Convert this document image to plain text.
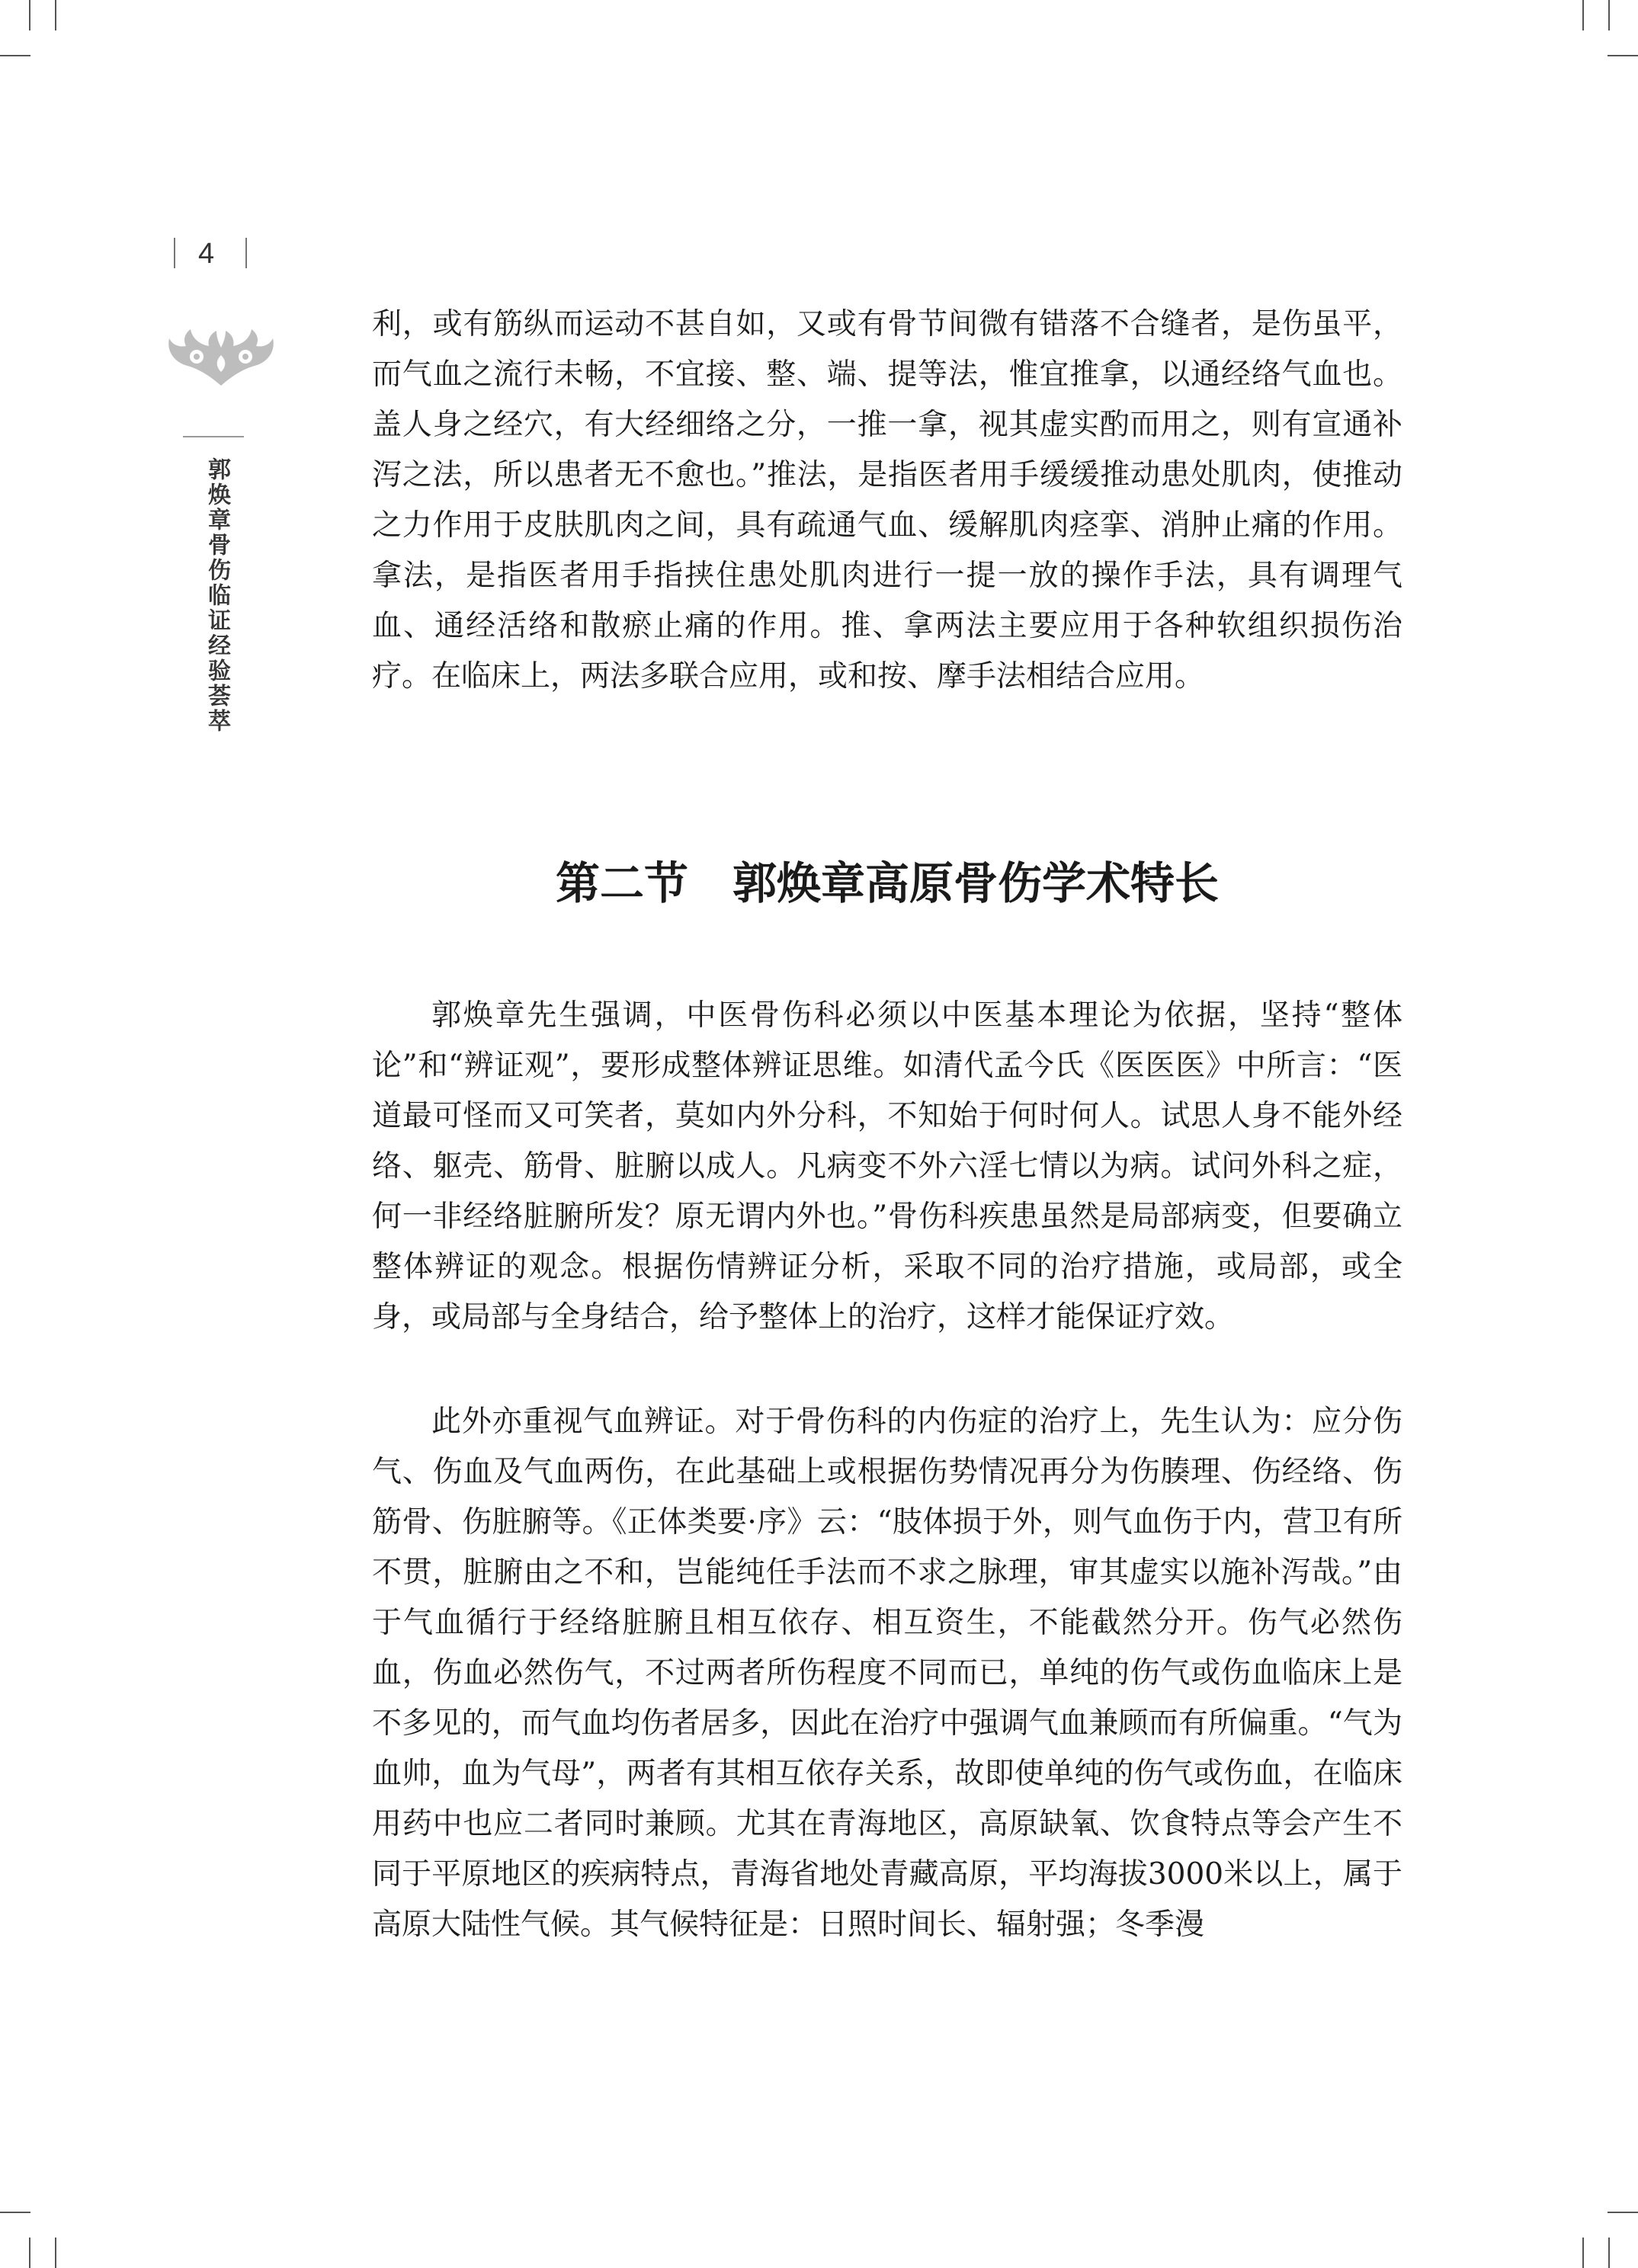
4
郭焕章骨伤临证经验荟萃
利，或有筋纵而运动不甚自如，又或有骨节间微有错落不合缝者，是伤虽平，而气血之流行未畅，不宜接、整、端、提等法，惟宜推拿，以通经络气血也。盖人身之经穴，有大经细络之分，一推一拿，视其虚实酌而用之，则有宣通补泻之法，所以患者无不愈也。”推法，是指医者用手缓缓推动患处肌肉，使推动之力作用于皮肤肌肉之间，具有疏通气血、缓解肌肉痉挛、消肿止痛的作用。拿法，是指医者用手指挟住患处肌肉进行一提一放的操作手法，具有调理气血、通经活络和散瘀止痛的作用。推、拿两法主要应用于各种软组织损伤治疗。在临床上，两法多联合应用，或和按、摩手法相结合应用。
第二节　郭焕章高原骨伤学术特长
郭焕章先生强调，中医骨伤科必须以中医基本理论为依据，坚持“整体论”和“辨证观”，要形成整体辨证思维。如清代孟今氏《医医医》中所言：“医道最可怪而又可笑者，莫如内外分科，不知始于何时何人。试思人身不能外经络、躯壳、筋骨、脏腑以成人。凡病变不外六淫七情以为病。试问外科之症，何一非经络脏腑所发？原无谓内外也。”骨伤科疾患虽然是局部病变，但要确立整体辨证的观念。根据伤情辨证分析，采取不同的治疗措施，或局部，或全身，或局部与全身结合，给予整体上的治疗，这样才能保证疗效。
此外亦重视气血辨证。对于骨伤科的内伤症的治疗上，先生认为：应分伤气、伤血及气血两伤，在此基础上或根据伤势情况再分为伤腠理、伤经络、伤筋骨、伤脏腑等。《正体类要·序》云：“肢体损于外，则气血伤于内，营卫有所不贯，脏腑由之不和，岂能纯任手法而不求之脉理，审其虚实以施补泻哉。”由于气血循行于经络脏腑且相互依存、相互资生，不能截然分开。伤气必然伤血，伤血必然伤气，不过两者所伤程度不同而已，单纯的伤气或伤血临床上是不多见的，而气血均伤者居多，因此在治疗中强调气血兼顾而有所偏重。“气为血帅，血为气母”，两者有其相互依存关系，故即使单纯的伤气或伤血，在临床用药中也应二者同时兼顾。尤其在青海地区，高原缺氧、饮食特点等会产生不同于平原地区的疾病特点，青海省地处青藏高原，平均海拔3000米以上，属于高原大陆性气候。其气候特征是：日照时间长、辐射强；冬季漫
